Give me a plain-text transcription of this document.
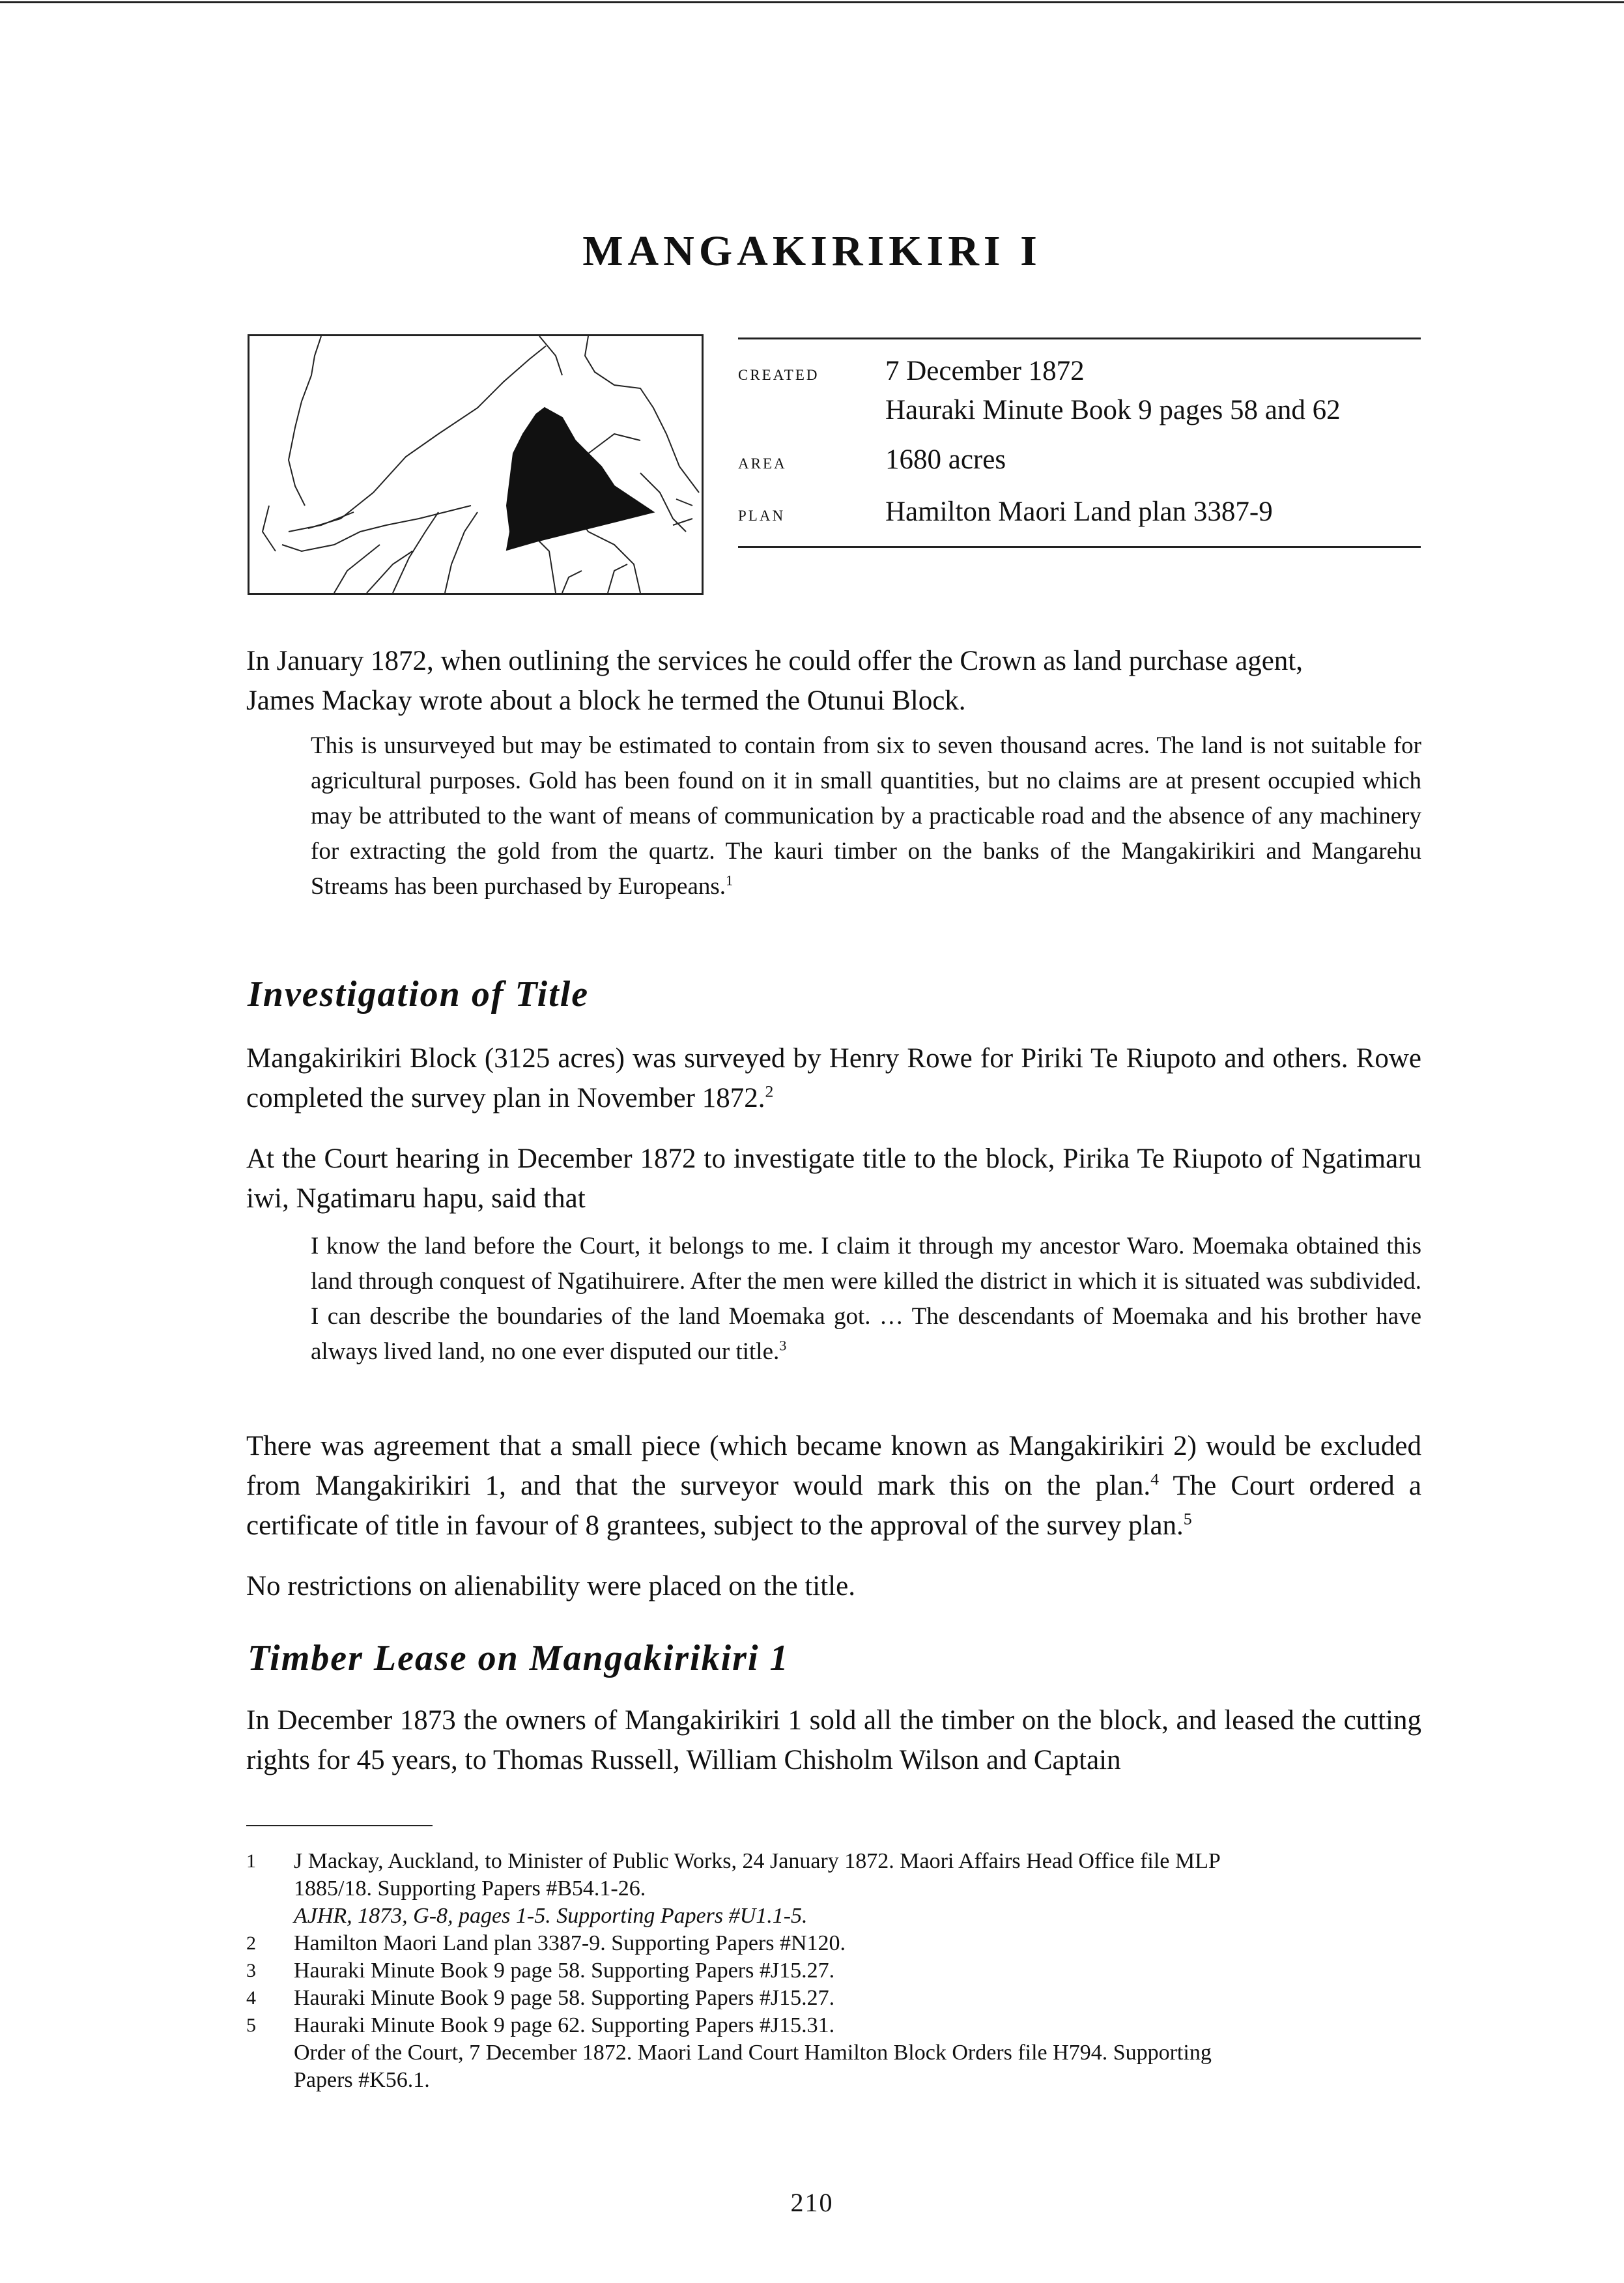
MANGAKIRIKIRI I
created 7 December 1872
Hauraki Minute Book 9 pages 58 and 62
area	1680 acres
plan	Hamilton Maori Land plan 3387-9
In January 1872, when outlining the services he could offer the Crown as land purchase agent,
James Mackay wrote about a block he termed the Otunui Block.

This is unsurveyed but may be estimated to contain from six to seven thousand acres. The land is not suitable for agricultural purposes. Gold has been found on it in small quantities, but no claims are at present occupied which may be attributed to the want of means of communication by a practicable road and the absence of any machinery for extracting the gold from the quartz. The kauri timber on the banks of the Mangakirikiri and Mangarehu Streams has been purchased by Europeans.$^1$

Investigation of Title

Mangakirikiri Block (3125 acres) was surveyed by Henry Rowe for Piriki Te Riupoto and others. Rowe completed the survey plan in November 1872.$^2$

At the Court hearing in December 1872 to investigate title to the block, Pirika Te Riupoto of Ngatimaru iwi, Ngatimaru hapu, said that

I know the land before the Court, it belongs to me. I claim it through my ancestor Waro. Moemaka obtained this land through conquest of Ngatihuirere. After the men were killed the district in which it is situated was subdivided. I can describe the boundaries of the land Moemaka got. … The descendants of Moemaka and his brother have always lived land, no one ever disputed our title.$^3$

There was agreement that a small piece (which became known as Mangakirikiri 2) would be excluded from Mangakirikiri 1, and that the surveyor would mark this on the plan.$^4$ The Court ordered a certificate of title in favour of 8 grantees, subject to the approval of the survey plan.$^5$

No restrictions on alienability were placed on the title.

Timber Lease on Mangakirikiri 1

In December 1873 the owners of Mangakirikiri 1 sold all the timber on the block, and leased the cutting rights for 45 years, to Thomas Russell, William Chisholm Wilson and Captain

1 J Mackay, Auckland, to Minister of Public Works, 24 January 1872. Maori Affairs Head Office file MLP
1885/18. Supporting Papers #B54.1-26.
AJHR, 1873, G-8, pages 1-5. Supporting Papers #U1.1-5.
2 Hamilton Maori Land plan 3387-9. Supporting Papers #N120.
3 Hauraki Minute Book 9 page 58. Supporting Papers #J15.27.
4 Hauraki Minute Book 9 page 58. Supporting Papers #J15.27.
5 Hauraki Minute Book 9 page 62. Supporting Papers #J15.31.
Order of the Court, 7 December 1872. Maori Land Court Hamilton Block Orders file H794. Supporting
Papers #K56.1.
210
